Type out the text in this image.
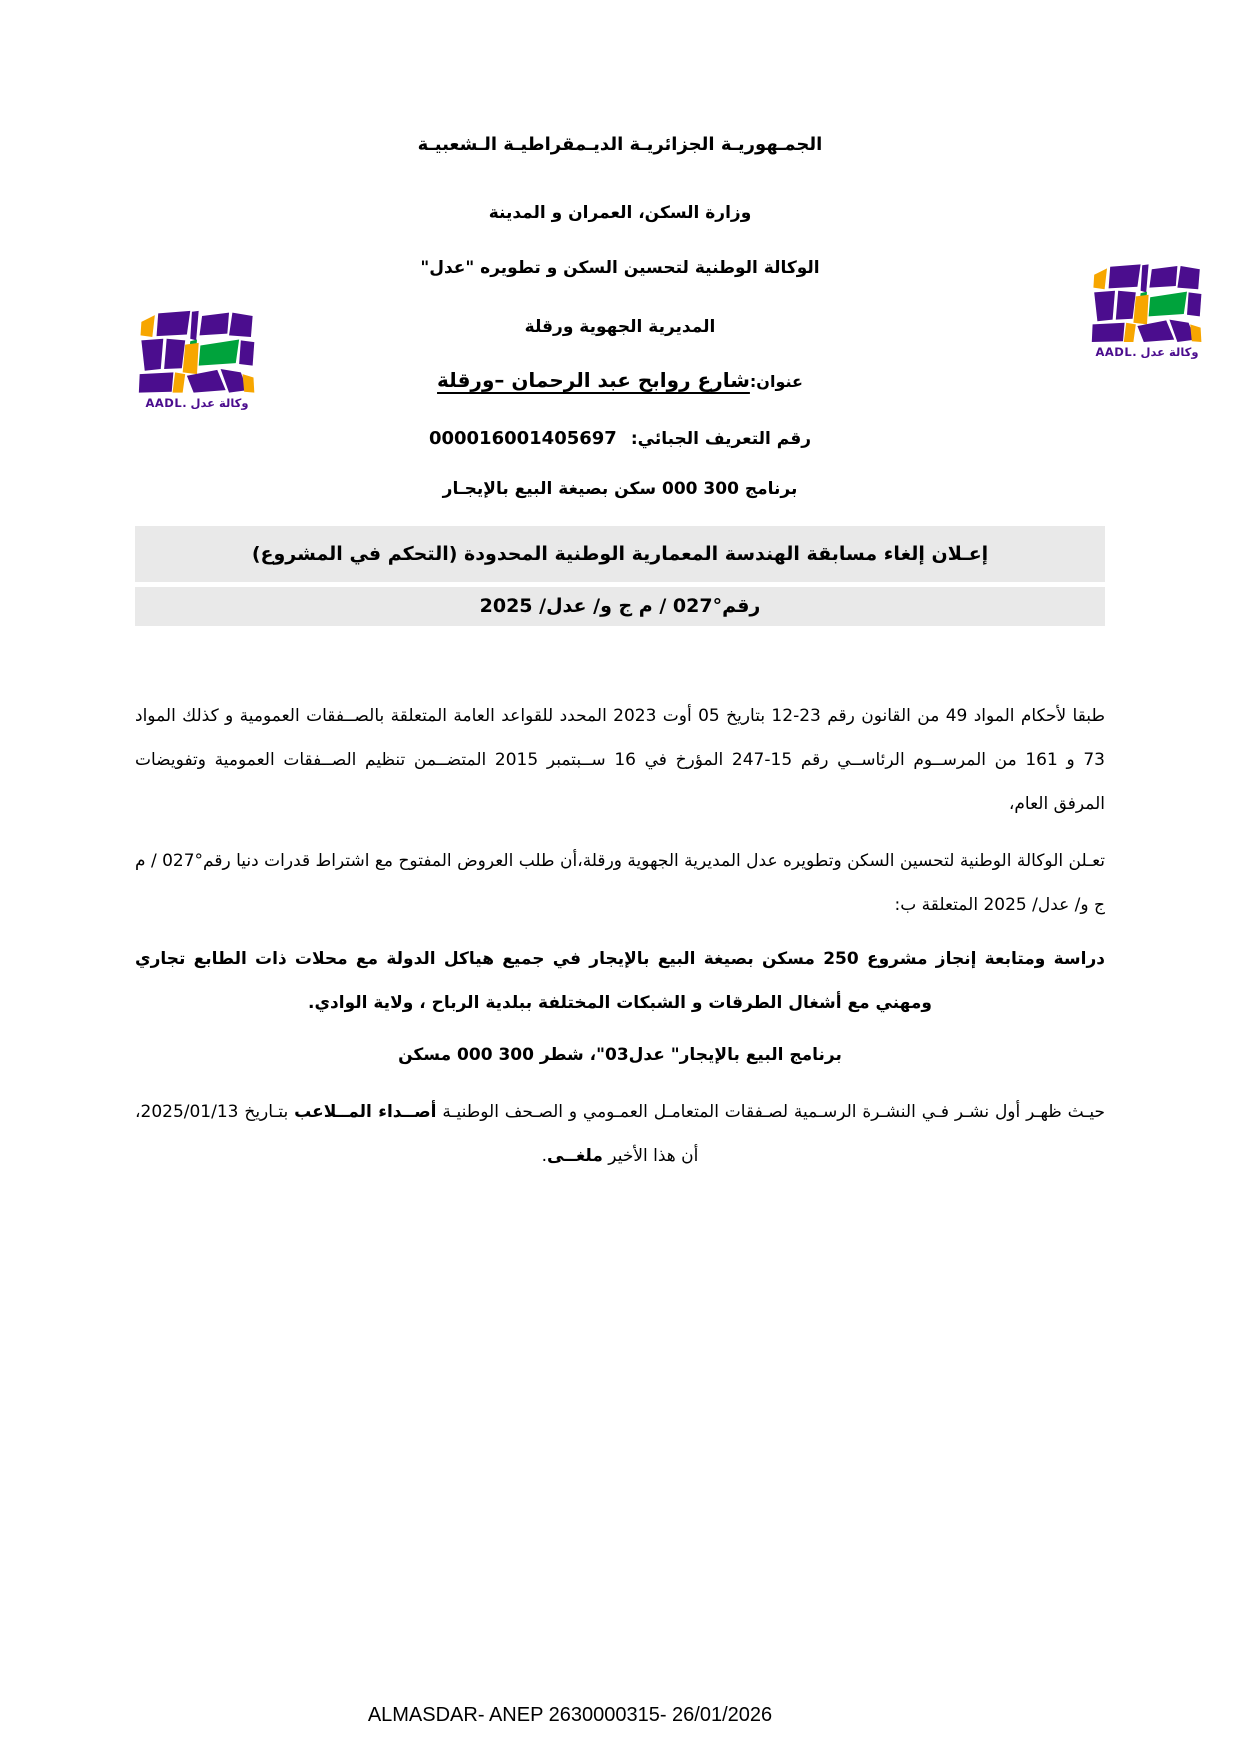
وكالة عدل .AADL
وكالة عدل .AADL
الجمـهوريـة الجزائريـة الديـمقراطيـة الـشعبيـة
وزارة السكن، العمران و المدينة
الوكالة الوطنية لتحسين السكن و تطويره "عدل"
المديرية الجهوية ورقلة
عنوان:شارع روابح عبد الرحمان –ورقلة
رقم التعريف الجبائي:000016001405697
برنامج 300 000 سكن بصيغة البيع بالإيجـار
إعـلان إلغاء مسابقة الهندسة المعمارية الوطنية المحدودة (التحكم في المشروع)
رقم°027 / م ج و/ عدل/ 2025

طبقا لأحكام المواد 49 من القانون رقم 23-12 بتاريخ 05 أوت 2023 المحدد للقواعد العامة المتعلقة بالصــفقات العمومية و كذلك المواد 73 و 161 من المرســوم الرئاســي رقم 15-247 المؤرخ في 16 ســبتمبر 2015 المتضــمن تنظيم الصــفقات العمومية وتفويضات المرفق العام،

تعـلن الوكالة الوطنية لتحسين السكن وتطويره عدل المديرية الجهوية ورقلة،أن طلب العروض المفتوح مع اشتراط قدرات دنيا رقم°027 / م ج و/ عدل/ 2025 المتعلقة ب:

دراسة ومتابعة إنجاز مشروع 250 مسكن بصيغة البيع بالإيجار في جميع هياكل الدولة مع محلات ذات الطابع تجاري ومهني مع أشغال الطرقات و الشبكات المختلفة ببلدية الرباح ، ولاية الوادي.

برنامج البيع بالإيجار" عدل03"، شطر 300 000 مسكن

حيـث ظهـر أول نشـر فـي النشـرة الرسـمية لصـفقات المتعامـل العمـومي و الصـحف الوطنيـة أصــداء المــلاعب بتـاريخ 2025/01/13، أن هذا الأخير ملغــى.

ALMASDAR- ANEP 2630000315- 26/01/2026
